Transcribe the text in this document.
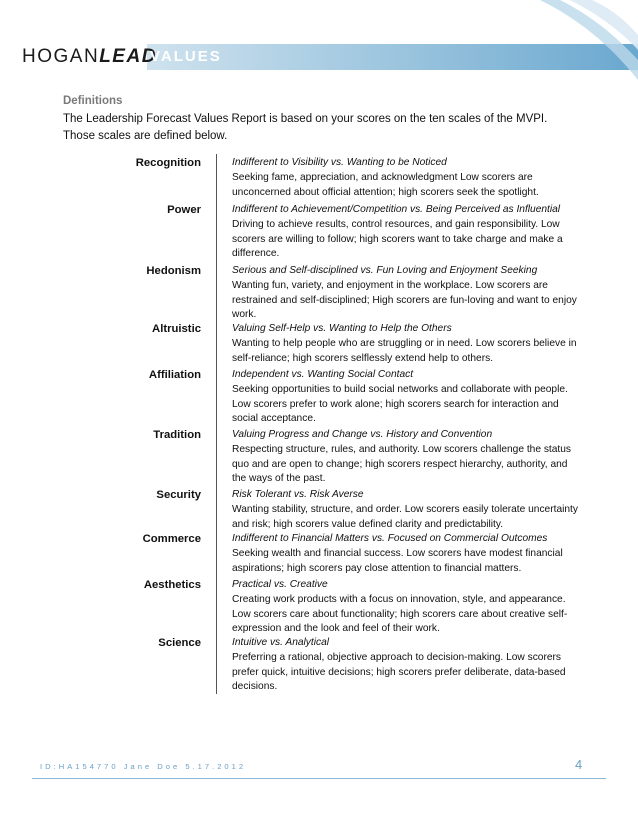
HOGANLEAD
VALUES
Definitions
The Leadership Forecast Values Report is based on your scores on the ten scales of the MVPI. Those scales are defined below.
Recognition	Indifferent to Visibility vs. Wanting to be Noticed
Seeking fame, appreciation, and acknowledgment Low scorers are unconcerned about official attention; high scorers seek the spotlight.
Power	Indifferent to Achievement/Competition vs. Being Perceived as Influential
Driving to achieve results, control resources, and gain responsibility. Low scorers are willing to follow; high scorers want to take charge and make a difference.
Hedonism	Serious and Self-disciplined vs. Fun Loving and Enjoyment Seeking
Wanting fun, variety, and enjoyment in the workplace. Low scorers are restrained and self-disciplined; High scorers are fun-loving and want to enjoy work.
Altruistic	Valuing Self-Help vs. Wanting to Help the Others
Wanting to help people who are struggling or in need. Low scorers believe in self-reliance; high scorers selflessly extend help to others.
Affiliation	Independent vs. Wanting Social Contact
Seeking opportunities to build social networks and collaborate with people. Low scorers prefer to work alone; high scorers search for interaction and social acceptance.
Tradition	Valuing Progress and Change vs. History and Convention
Respecting structure, rules, and authority. Low scorers challenge the status quo and are open to change; high scorers respect hierarchy, authority, and the ways of the past.
Security	Risk Tolerant vs. Risk Averse
Wanting stability, structure, and order. Low scorers easily tolerate uncertainty and risk; high scorers value defined clarity and predictability.
Commerce	Indifferent to Financial Matters vs. Focused on Commercial Outcomes
Seeking wealth and financial success. Low scorers have modest financial aspirations; high scorers pay close attention to financial matters.
Aesthetics	Practical vs. Creative
Creating work products with a focus on innovation, style, and appearance. Low scorers care about functionality; high scorers care about creative self-expression and the look and feel of their work.
Science	Intuitive vs. Analytical
Preferring a rational, objective approach to decision-making. Low scorers prefer quick, intuitive decisions; high scorers prefer deliberate, data-based decisions.
ID:HA154770 Jane Doe 5.17.2012	4
